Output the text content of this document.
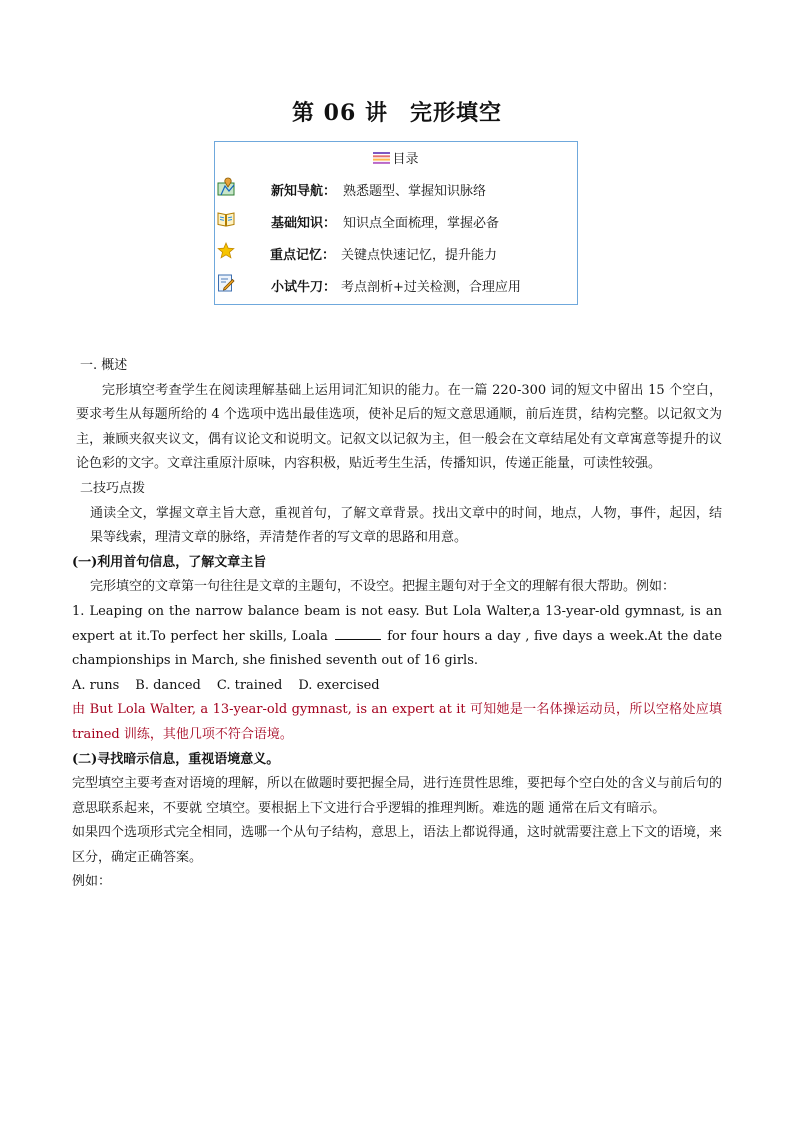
第 06 讲 完形填空
目录
新知导航： 熟悉题型、掌握知识脉络
基础知识： 知识点全面梳理，掌握必备
重点记忆： 关键点快速记忆，提升能力
小试牛刀： 考点剖析+过关检测，合理应用

一. 概述

完形填空考查学生在阅读理解基础上运用词汇知识的能力。在一篇 220-300 词的短文中留出 15 个空白，要求考生从每题所给的 4 个选项中选出最佳选项，使补足后的短文意思通顺，前后连贯，结构完整。以记叙文为主，兼顾夹叙夹议文，偶有议论文和说明文。记叙文以记叙为主，但一般会在文章结尾处有文章寓意等提升的议论色彩的文字。文章注重原汁原味，内容积极，贴近考生生活，传播知识，传递正能量，可读性较强。

二技巧点拨

通读全文，掌握文章主旨大意，重视首句，了解文章背景。找出文章中的时间，地点，人物，事件，起因，结果等线索，理清文章的脉络，弄清楚作者的写文章的思路和用意。

(一)利用首句信息，了解文章主旨

完形填空的文章第一句往往是文章的主题句，不设空。把握主题句对于全文的理解有很大帮助。例如：

1. Leaping on the narrow balance beam is not easy. But Lola Walter,a 13-year-old gymnast, is an expert at it.To perfect her skills, Loala	for four hours a day , five days a week.At the date championships in March, she finished seventh out of 16 girls.

A. runs B. danced C. trained D. exercised

由 But Lola Walter, a 13-year-old gymnast, is an expert at it 可知她是一名体操运动员，所以空格处应填 trained 训练，其他几项不符合语境。

(二)寻找暗示信息，重视语境意义。

完型填空主要考查对语境的理解，所以在做题时要把握全局，进行连贯性思维，要把每个空白处的含义与前后句的意思联系起来，不要就 空填空。要根据上下文进行合乎逻辑的推理判断。难选的题 通常在后文有暗示。

如果四个选项形式完全相同，选哪一个从句子结构，意思上，语法上都说得通，这时就需要注意上下文的语境，来区分，确定正确答案。

例如：
